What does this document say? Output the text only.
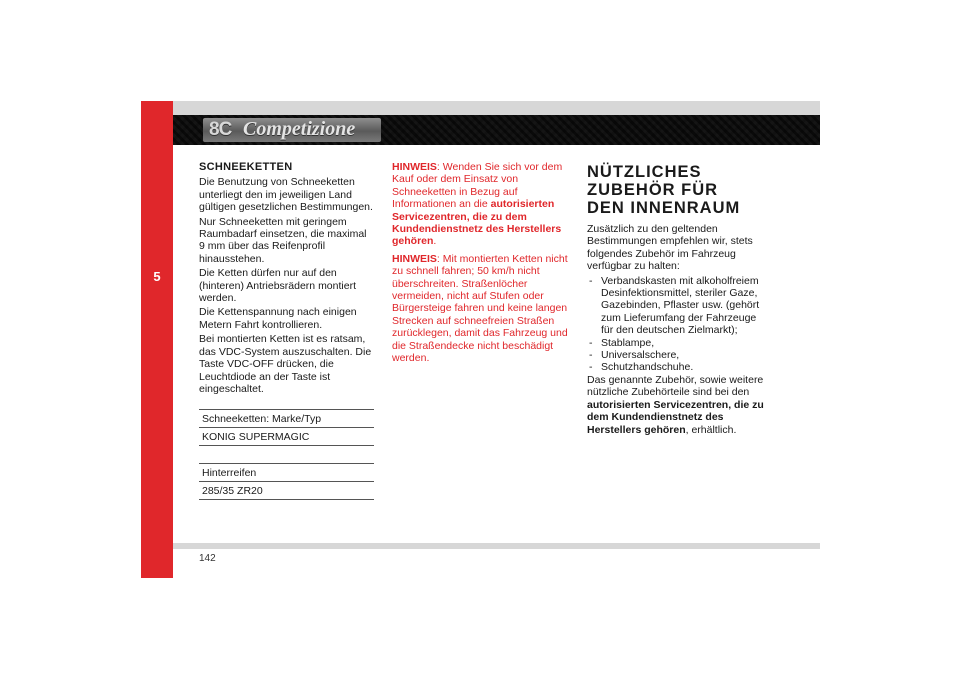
5
8C Competizione
SCHNEEKETTEN

Die Benutzung von Schneeketten unterliegt den im jeweiligen Land gültigen gesetzlichen Bestimmungen.

Nur Schneeketten mit geringem Raumbadarf einsetzen, die maximal 9 mm über das Reifenprofil hinausstehen.

Die Ketten dürfen nur auf den (hinteren) Antriebsrädern montiert werden.

Die Kettenspannung nach einigen Metern Fahrt kontrollieren.

Bei montierten Ketten ist es ratsam, das VDC-System auszuschalten. Die Taste VDC-OFF drücken, die Leuchtdiode an der Taste ist eingeschaltet.

Schneeketten: Marke/Typ
KONIG SUPERMAGIC
Hinterreifen
285/35 ZR20

HINWEIS: Wenden Sie sich vor dem Kauf oder dem Einsatz von Schneeketten in Bezug auf Informationen an die autorisierten Servicezentren, die zu dem Kundendienstnetz des Herstellers gehören.

HINWEIS: Mit montierten Ketten nicht zu schnell fahren; 50 km/h nicht überschreiten. Straßenlöcher vermeiden, nicht auf Stufen oder Bürgersteige fahren und keine langen Strecken auf schneefreien Straßen zurücklegen, damit das Fahrzeug und die Straßendecke nicht beschädigt werden.

NÜTZLICHES
ZUBEHÖR FÜR
DEN INNENRAUM

Zusätzlich zu den geltenden Bestimmungen empfehlen wir, stets folgendes Zubehör im Fahrzeug verfügbar zu halten:

- Verbandskasten mit alkoholfreiem Desinfektionsmittel, steriler Gaze, Gazebinden, Pflaster usw. (gehört zum Lieferumfang der Fahrzeuge für den deutschen Zielmarkt);
- Stablampe,
- Universalschere,
- Schutzhandschuhe.

Das genannte Zubehör, sowie weitere nützliche Zubehörteile sind bei den autorisierten Servicezentren, die zu dem Kundendienstnetz des Herstellers gehören, erhältlich.

142
